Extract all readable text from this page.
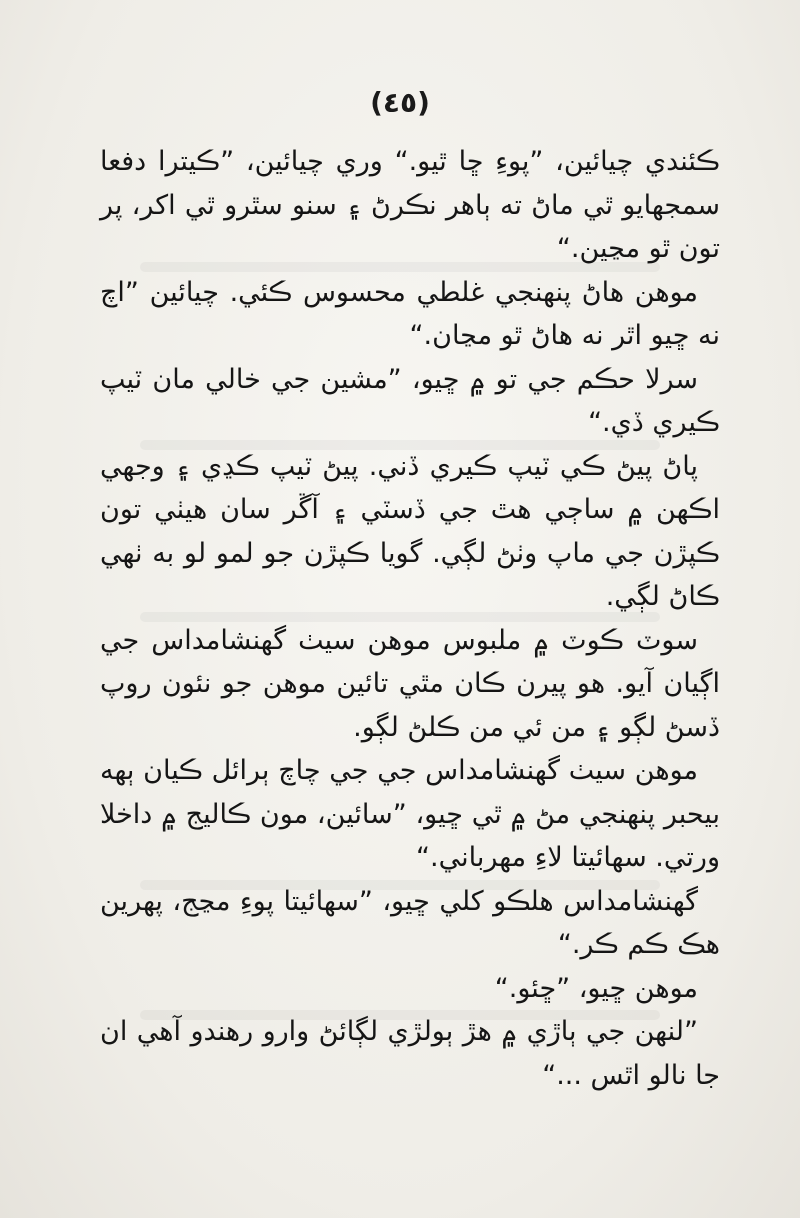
(٤٥)

ڪئندي چيائين، ”پوءِ ڇا ٿيو.“ وري چيائين، ”ڪيترا دفعا سمجهايو ٿي ماڻ ته ٻاهر نڪرڻ ۽ سنو سٿرو ٿي اکر، پر تون ٿو مڃين.“

موهن هاڻ پنهنجي غلطي محسوس ڪئي. چيائين ”اچ نه ڇيو اٿر نه هاڻ ٿو مڃان.“

سرلا حڪم جي تو ۾ ڇيو، ”مشين جي خالي مان ٽيپ ڪيري ڏي.“

پاڻ پيڻ ڪي ٽيپ ڪيري ڏني. پيڻ ٽيپ ڪڍي ۽ وجهي اڪهن ۾ ساڄي هٿ جي ڏسٽي ۽ آڱر سان هيٺي تون ڪپڙن جي ماپ وٺڻ لڳي. گويا ڪپڙن جو لمو لو به ٺهي ڪاڻ لڳي.

سوٽ ڪوٽ ۾ ملبوس موهن سيٺ گهنشامداس جي اڳيان آيو. هو پيرن ڪان مٿي تائين موهن جو نئون روپ ڏسڻ لڳو ۽ من ئي من ڪلڻ لڳو.

موهن سيٺ گهنشامداس جي جي چاچ ٻرائل ڪيان ٻهه بيحبر پنهنجي مڻ ۾ ٿي ڇيو، ”سائين، مون ڪاليج ۾ داخلا ورتي. سهائيتا لاءِ مهرباني.“

گهنشامداس هلڪو کلي ڇيو، ”سهائيتا پوءِ مڃج، پهرين هڪ ڪم ڪر.“

موهن ڇيو، ”ڇئو.“

”لنهن جي ٻاڙي ۾ هڙ ٻولڙي لڳائڻ وارو رهندو آهي ان جا نالو اٿس ...“
